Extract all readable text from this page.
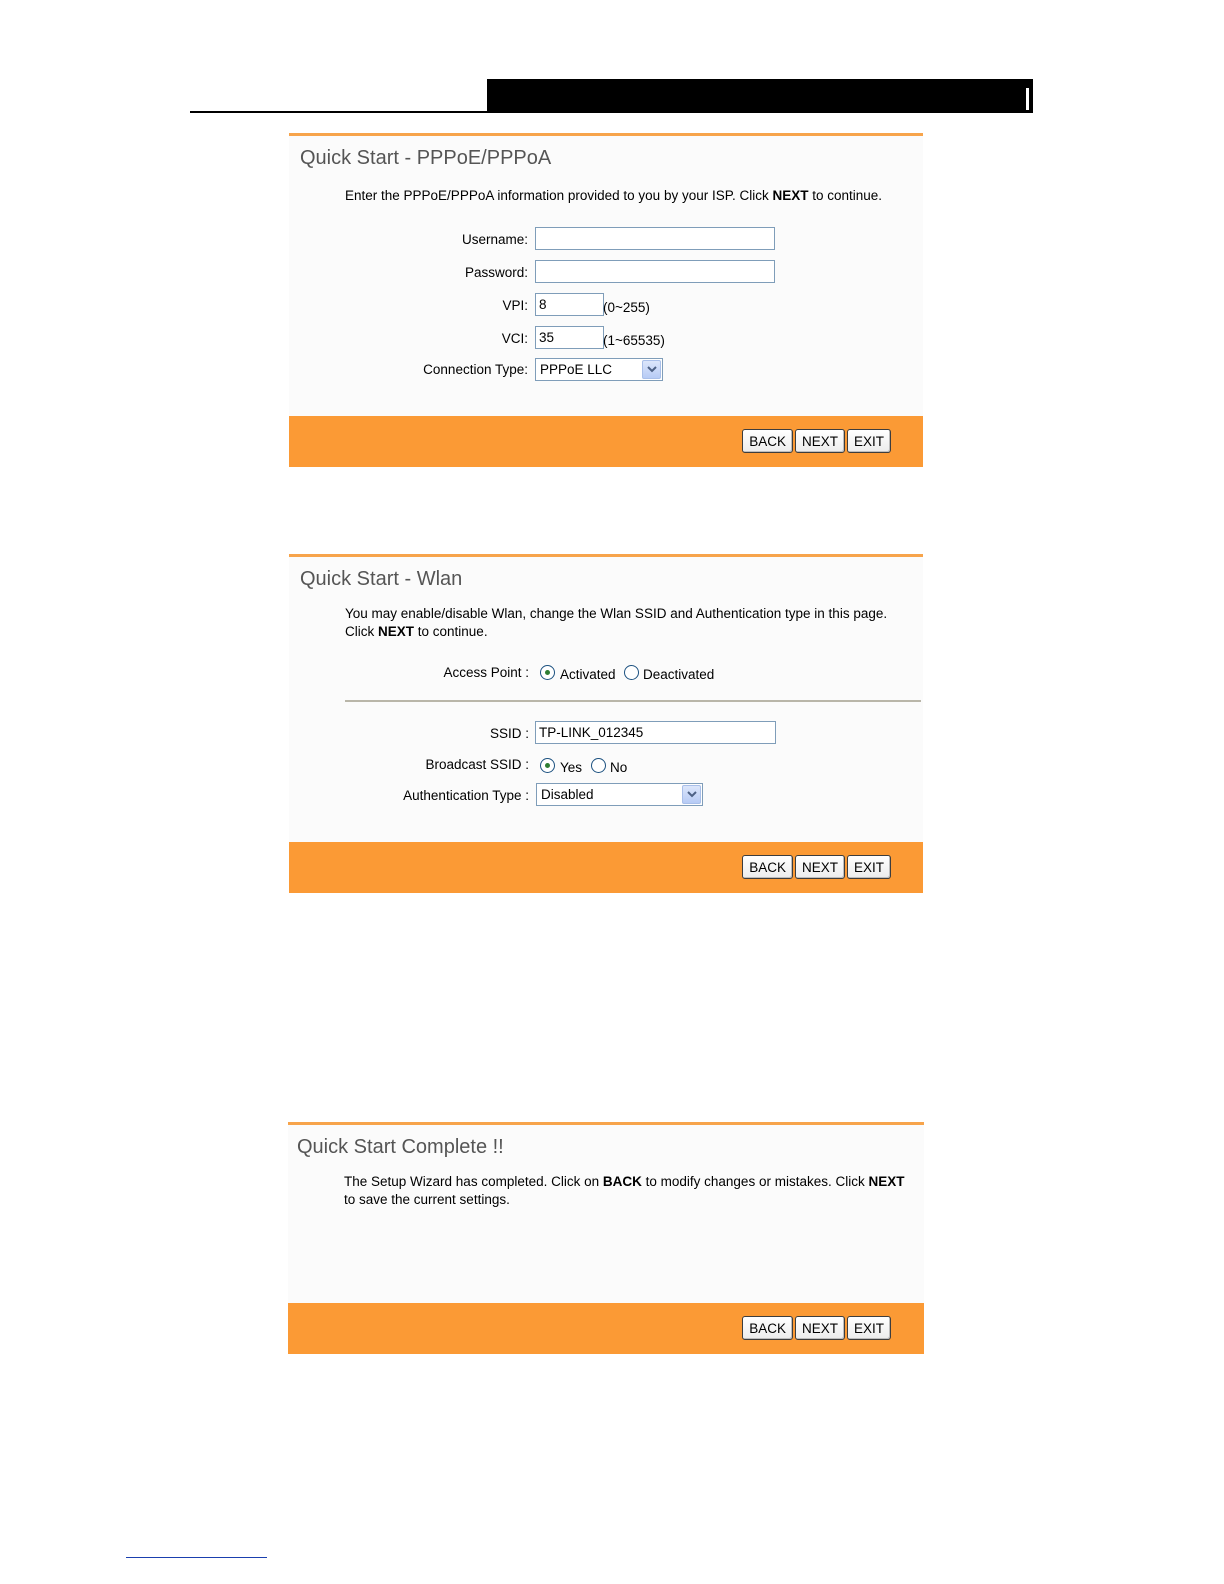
Quick Start - PPPoE/PPPoA
Enter the PPPoE/PPPoA information provided to you by your ISP. Click NEXT to continue.
Username:
Password:
VPI:
8	(0~255)
VCI:
35	(1~65535)
Connection Type: PPPoE LLC
BACK	NEXT	EXIT
Quick Start - Wlan
You may enable/disable Wlan, change the Wlan SSID and Authentication type in this page.
Click NEXT to continue.
Access Point : Activated Deactivated
SSID :
TP-LINK_012345
Broadcast SSID : Yes No
Authentication Type : Disabled
BACK	NEXT	EXIT
Quick Start Complete !!
The Setup Wizard has completed. Click on BACK to modify changes or mistakes. Click NEXT
to save the current settings.
BACK	NEXT	EXIT
